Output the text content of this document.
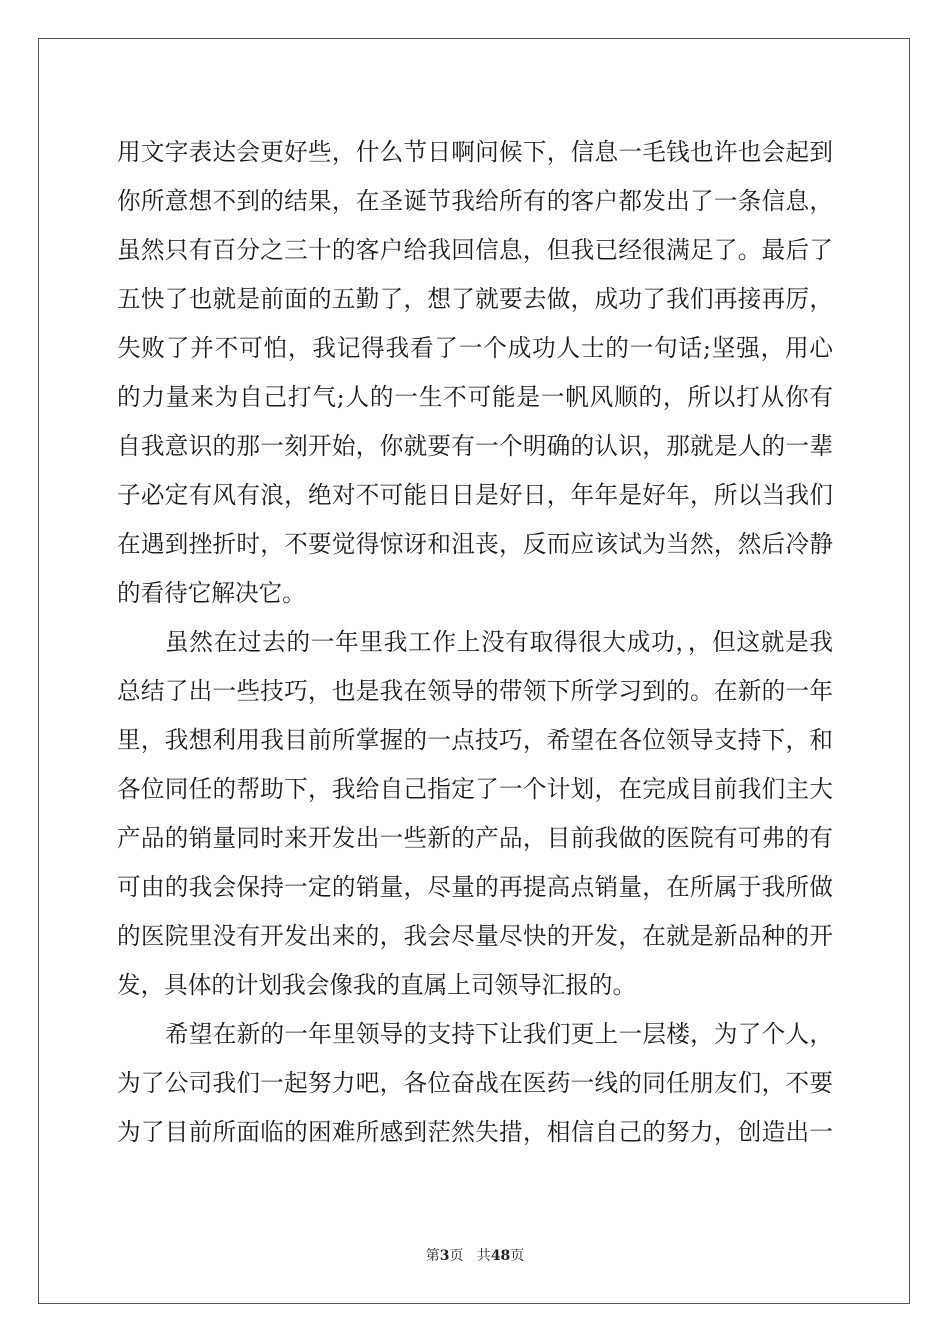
用文字表达会更好些，什么节日啊问候下，信息一毛钱也许也会起到
你所意想不到的结果，在圣诞节我给所有的客户都发出了一条信息，
虽然只有百分之三十的客户给我回信息，但我已经很满足了。最后了
五快了也就是前面的五勤了，想了就要去做，成功了我们再接再厉，
失败了并不可怕，我记得我看了一个成功人士的一句话;坚强，用心
的力量来为自己打气;人的一生不可能是一帆风顺的，所以打从你有
自我意识的那一刻开始，你就要有一个明确的认识，那就是人的一辈
子必定有风有浪，绝对不可能日日是好日，年年是好年，所以当我们
在遇到挫折时，不要觉得惊讶和沮丧，反而应该试为当然，然后冷静
的看待它解决它。
虽然在过去的一年里我工作上没有取得很大成功，，但这就是我
总结了出一些技巧，也是我在领导的带领下所学习到的。在新的一年
里，我想利用我目前所掌握的一点技巧，希望在各位领导支持下，和
各位同任的帮助下，我给自己指定了一个计划，在完成目前我们主大
产品的销量同时来开发出一些新的产品，目前我做的医院有可弗的有
可由的我会保持一定的销量，尽量的再提高点销量，在所属于我所做
的医院里没有开发出来的，我会尽量尽快的开发，在就是新品种的开
发，具体的计划我会像我的直属上司领导汇报的。
希望在新的一年里领导的支持下让我们更上一层楼，为了个人，
为了公司我们一起努力吧，各位奋战在医药一线的同任朋友们，不要
为了目前所面临的困难所感到茫然失措，相信自己的努力，创造出一
第3页 共48页
